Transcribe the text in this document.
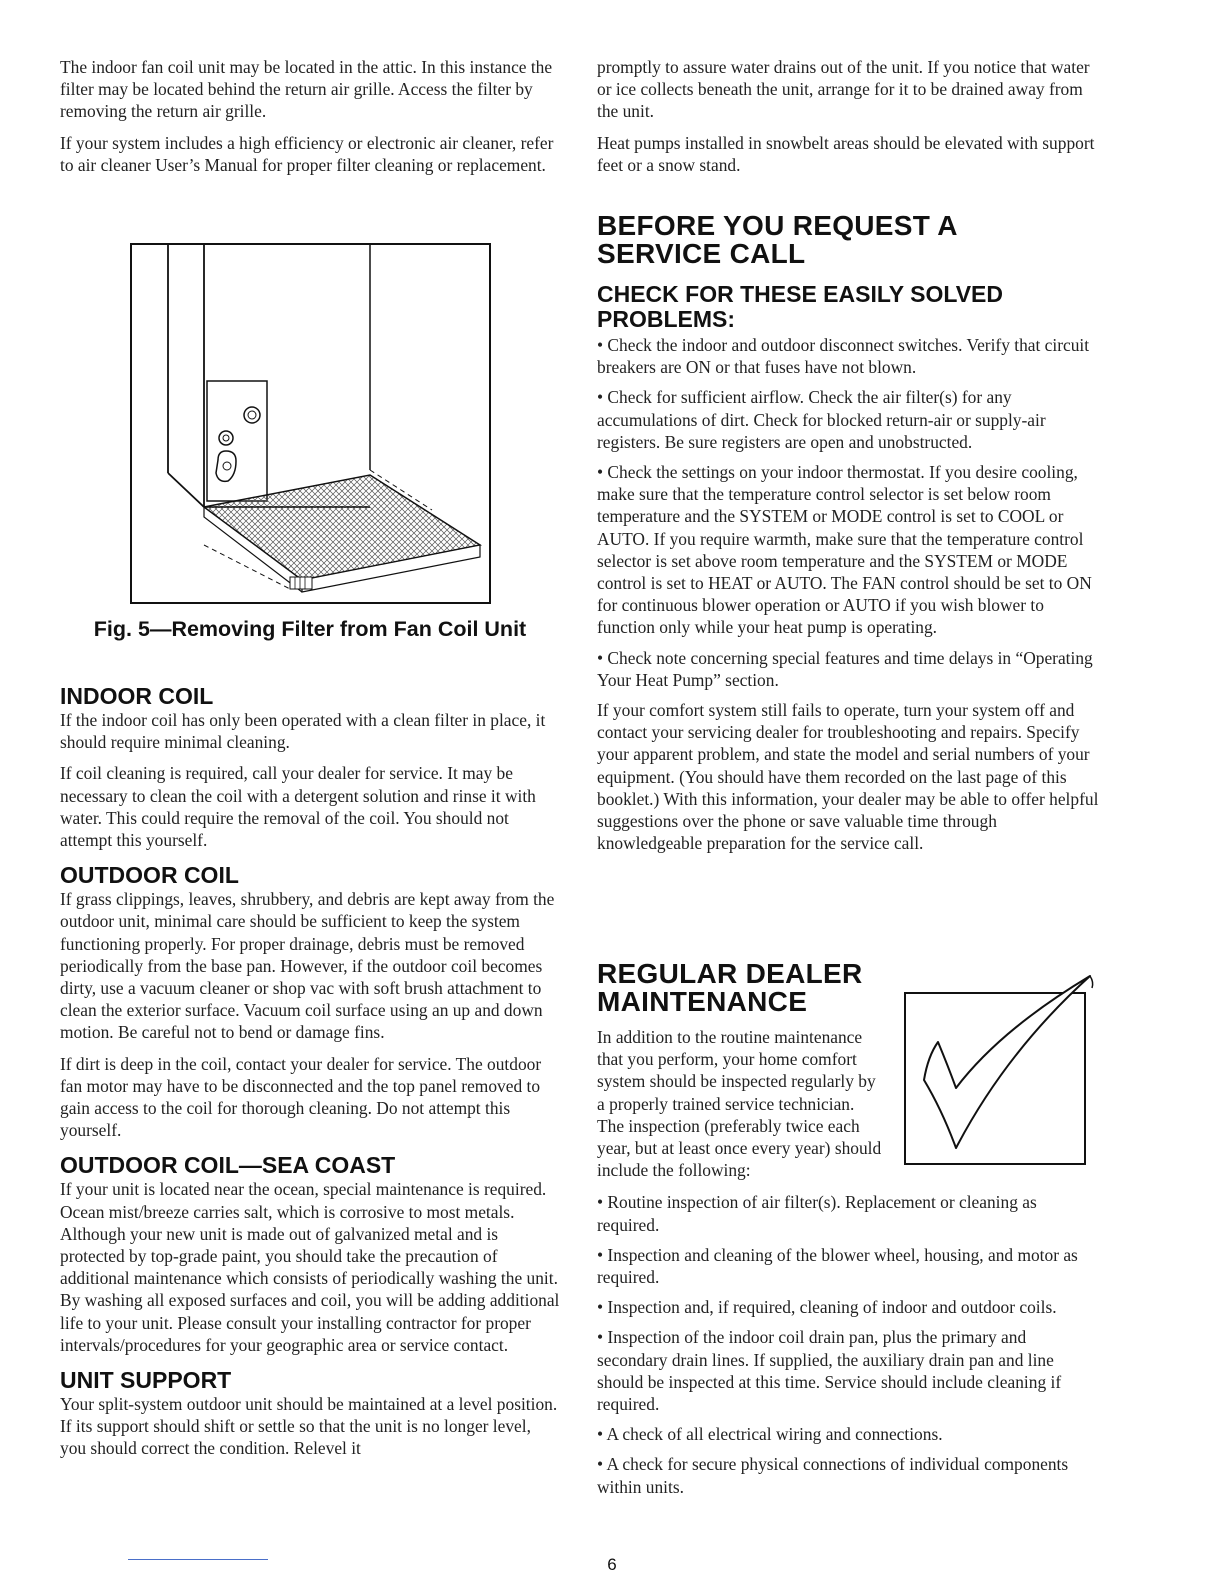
The indoor fan coil unit may be located in the attic. In this instance the filter may be located behind the return air grille. Access the filter by removing the return air grille.

If your system includes a high efficiency or electronic air cleaner, refer to air cleaner User’s Manual for proper filter cleaning or replacement.

Fig. 5—Removing Filter from Fan Coil Unit

INDOOR COIL

If the indoor coil has only been operated with a clean filter in place, it should require minimal cleaning.

If coil cleaning is required, call your dealer for service. It may be necessary to clean the coil with a detergent solution and rinse it with water. This could require the removal of the coil. You should not attempt this yourself.

OUTDOOR COIL

If grass clippings, leaves, shrubbery, and debris are kept away from the outdoor unit, minimal care should be sufficient to keep the system functioning properly. For proper drainage, debris must be removed periodically from the base pan. However, if the outdoor coil becomes dirty, use a vacuum cleaner or shop vac with soft brush attachment to clean the exterior surface. Vacuum coil surface using an up and down motion. Be careful not to bend or damage fins.

If dirt is deep in the coil, contact your dealer for service. The outdoor fan motor may have to be disconnected and the top panel removed to gain access to the coil for thorough cleaning. Do not attempt this yourself.

OUTDOOR COIL—SEA COAST

If your unit is located near the ocean, special maintenance is required. Ocean mist/breeze carries salt, which is corrosive to most metals. Although your new unit is made out of galvanized metal and is protected by top-grade paint, you should take the precaution of additional maintenance which consists of periodically washing the unit. By washing all exposed surfaces and coil, you will be adding additional life to your unit. Please consult your installing contractor for proper intervals/procedures for your geographic area or service contact.

UNIT SUPPORT

Your split-system outdoor unit should be maintained at a level position. If its support should shift or settle so that the unit is no longer level, you should correct the condition. Relevel it

promptly to assure water drains out of the unit. If you notice that water or ice collects beneath the unit, arrange for it to be drained away from the unit.

Heat pumps installed in snowbelt areas should be elevated with support feet or a snow stand.

BEFORE YOU REQUEST A
SERVICE CALL
CHECK FOR THESE EASILY SOLVED
PROBLEMS:

• Check the indoor and outdoor disconnect switches. Verify that circuit breakers are ON or that fuses have not blown.

• Check for sufficient airflow. Check the air filter(s) for any accumulations of dirt. Check for blocked return-air or supply-air registers. Be sure registers are open and unobstructed.

• Check the settings on your indoor thermostat. If you desire cooling, make sure that the temperature control selector is set below room temperature and the SYSTEM or MODE control is set to COOL or AUTO. If you require warmth, make sure that the temperature control selector is set above room temperature and the SYSTEM or MODE control is set to HEAT or AUTO. The FAN control should be set to ON for continuous blower operation or AUTO if you wish blower to function only while your heat pump is operating.

• Check note concerning special features and time delays in “Operating Your Heat Pump” section.

If your comfort system still fails to operate, turn your system off and contact your servicing dealer for troubleshooting and repairs. Specify your apparent problem, and state the model and serial numbers of your equipment. (You should have them recorded on the last page of this booklet.) With this information, your dealer may be able to offer helpful suggestions over the phone or save valuable time through knowledgeable preparation for the service call.

REGULAR DEALER
MAINTENANCE

In addition to the routine maintenance that you perform, your home comfort system should be inspected regularly by a properly trained service technician. The inspection (preferably twice each year, but at least once every year) should include the following:

• Routine inspection of air filter(s). Replacement or cleaning as required.

• Inspection and cleaning of the blower wheel, housing, and motor as required.

• Inspection and, if required, cleaning of indoor and outdoor coils.

• Inspection of the indoor coil drain pan, plus the primary and secondary drain lines. If supplied, the auxiliary drain pan and line should be inspected at this time. Service should include cleaning if required.

• A check of all electrical wiring and connections.

• A check for secure physical connections of individual components within units.

6
